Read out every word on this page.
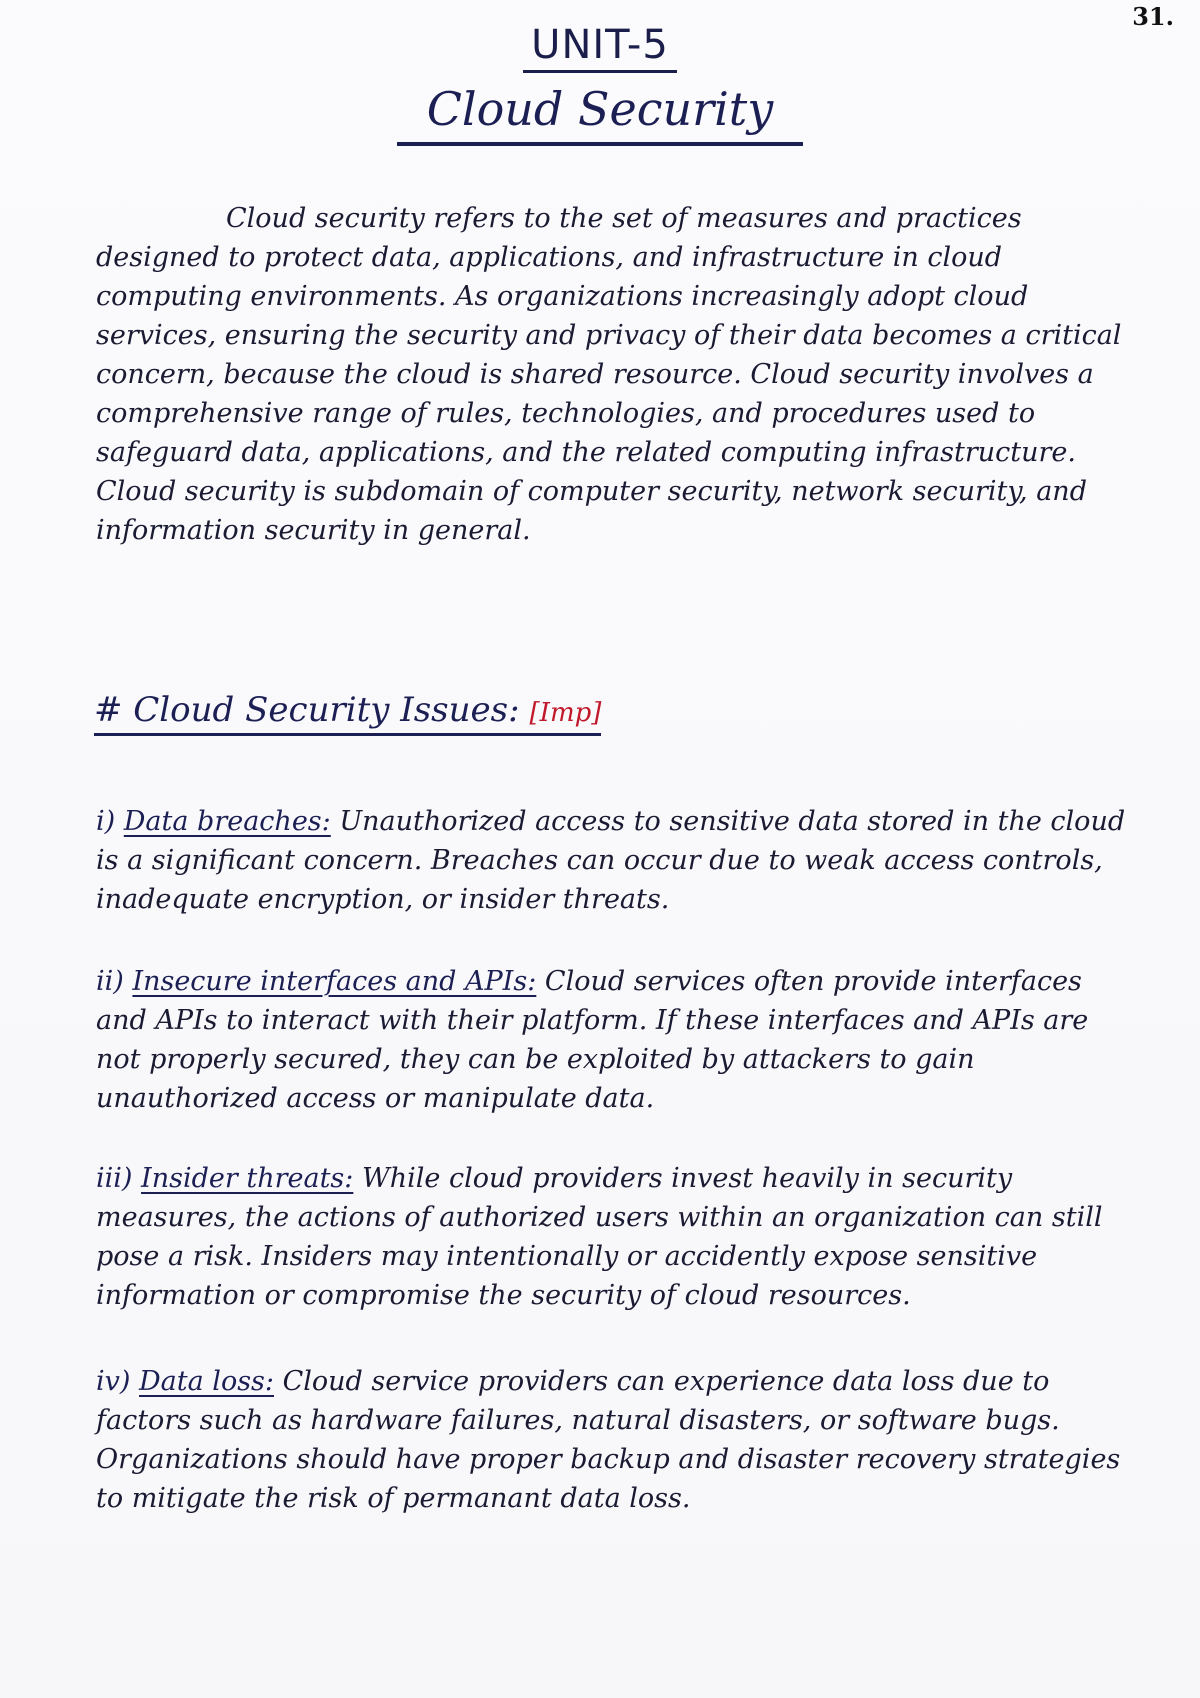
31.
UNIT-5
Cloud Security

Cloud security refers to the set of measures and practices designed to protect data, applications, and infrastructure in cloud computing environments. As organizations increasingly adopt cloud services, ensuring the security and privacy of their data becomes a critical concern, because the cloud is shared resource. Cloud security involves a comprehensive range of rules, technologies, and procedures used to safeguard data, applications, and the related computing infrastructure. Cloud security is subdomain of computer security, network security, and information security in general.

# Cloud Security Issues: [Imp]

i) Data breaches: Unauthorized access to sensitive data stored in the cloud is a significant concern. Breaches can occur due to weak access controls, inadequate encryption, or insider threats.

ii) Insecure interfaces and APIs: Cloud services often provide interfaces and APIs to interact with their platform. If these interfaces and APIs are not properly secured, they can be exploited by attackers to gain unauthorized access or manipulate data.

iii) Insider threats: While cloud providers invest heavily in security measures, the actions of authorized users within an organization can still pose a risk. Insiders may intentionally or accidently expose sensitive information or compromise the security of cloud resources.

iv) Data loss: Cloud service providers can experience data loss due to factors such as hardware failures, natural disasters, or software bugs. Organizations should have proper backup and disaster recovery strategies to mitigate the risk of permanant data loss.
